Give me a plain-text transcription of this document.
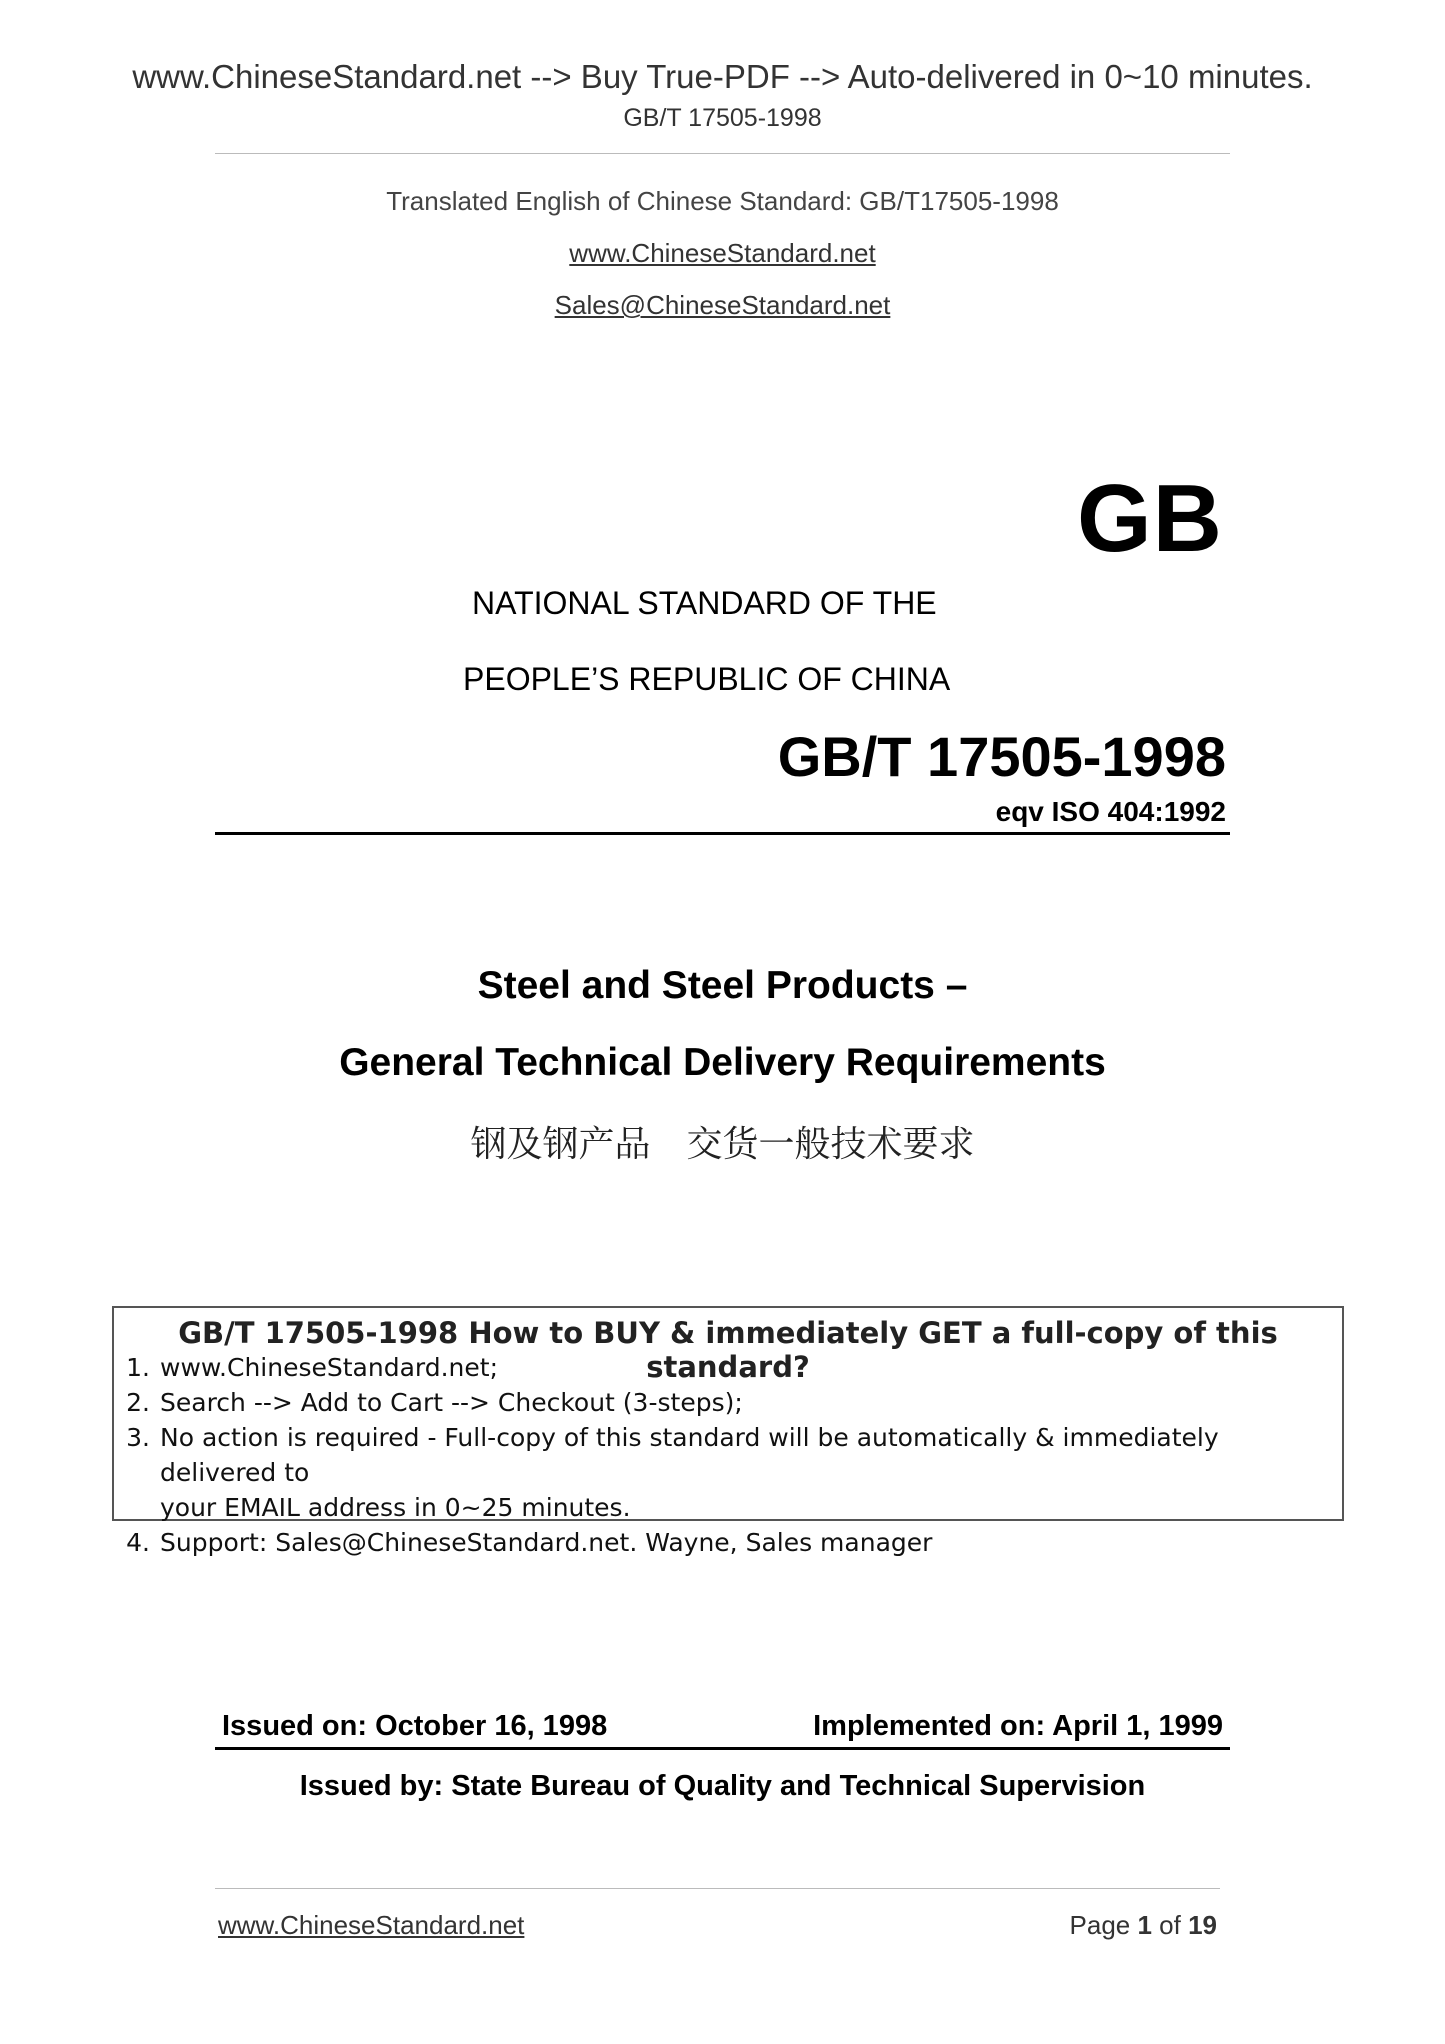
www.ChineseStandard.net --> Buy True-PDF --> Auto-delivered in 0~10 minutes.
GB/T 17505-1998
Translated English of Chinese Standard: GB/T17505-1998
www.ChineseStandard.net
Sales@ChineseStandard.net
GB
NATIONAL STANDARD OF THE
PEOPLE’S REPUBLIC OF CHINA
GB/T 17505-1998
eqv ISO 404:1992
Steel and Steel Products –
General Technical Delivery Requirements
钢及钢产品　交货一般技术要求
GB/T 17505-1998 How to BUY & immediately GET a full-copy of this standard?
1. www.ChineseStandard.net;
2. Search --> Add to Cart --> Checkout (3-steps);
3. No action is required - Full-copy of this standard will be automatically & immediately delivered to
your EMAIL address in 0~25 minutes.
4. Support: Sales@ChineseStandard.net. Wayne, Sales manager
Issued on: October 16, 1998	Implemented on: April 1, 1999
Issued by: State Bureau of Quality and Technical Supervision
www.ChineseStandard.net	Page 1 of 19
